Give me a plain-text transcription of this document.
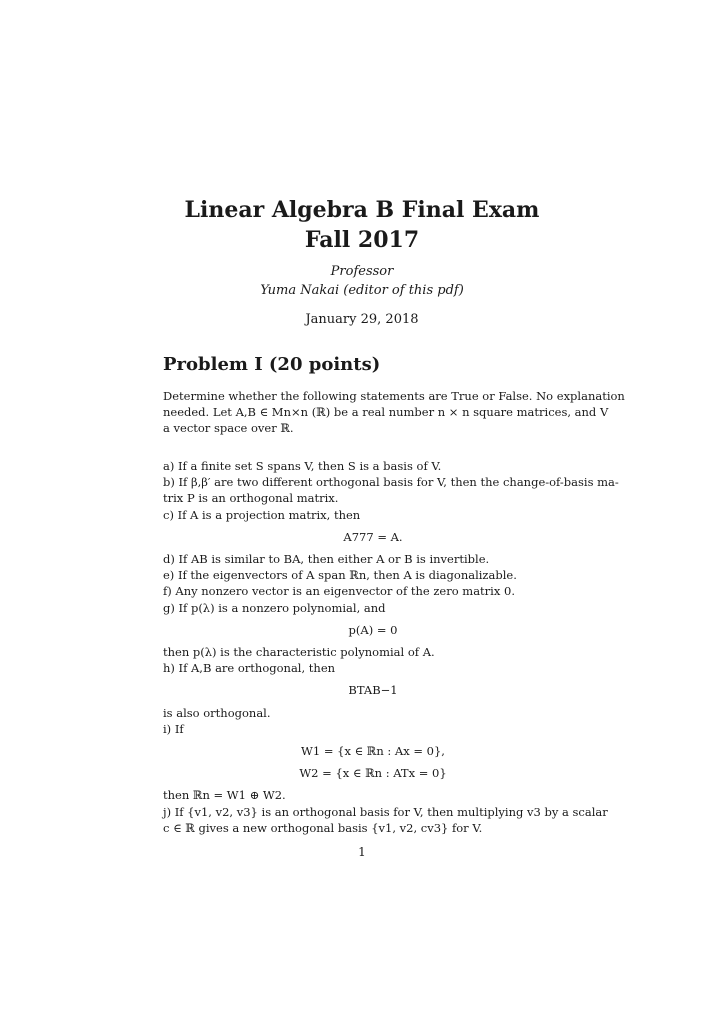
Linear Algebra B Final Exam
Fall 2017
Professor
Yuma Nakai (editor of this pdf)
January 29, 2018
Problem I (20 points)
Determine whether the following statements are True or False. No explanation
needed. Let A,B ∈ Mn×n (ℝ) be a real number n × n square matrices, and V
a vector space over ℝ.
a) If a finite set S spans V, then S is a basis of V.
b) If β,β′ are two different orthogonal basis for V, then the change-of-basis ma-
trix P is an orthogonal matrix.
c) If A is a projection matrix, then
A777 = A.
d) If AB is similar to BA, then either A or B is invertible.
e) If the eigenvectors of A span ℝn, then A is diagonalizable.
f) Any nonzero vector is an eigenvector of the zero matrix 0.
g) If p(λ) is a nonzero polynomial, and
p(A) = 0
then p(λ) is the characteristic polynomial of A.
h) If A,B are orthogonal, then
BTAB−1
is also orthogonal.
i) If
W1 = {x ∈ ℝn : Ax = 0},
W2 = {x ∈ ℝn : ATx = 0}
then ℝn = W1 ⊕ W2.
j) If {v1, v2, v3} is an orthogonal basis for V, then multiplying v3 by a scalar
c ∈ ℝ gives a new orthogonal basis {v1, v2, cv3} for V.
1
